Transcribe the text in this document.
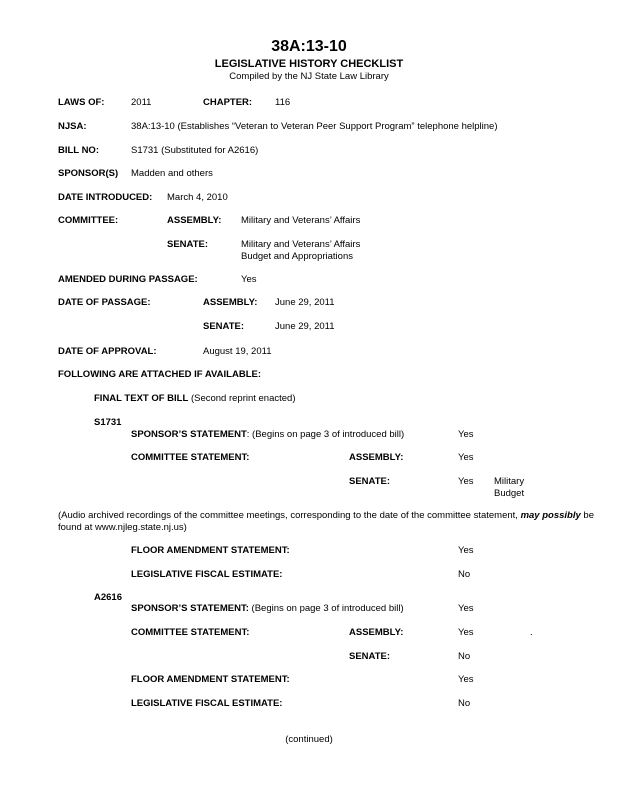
38A:13-10
LEGISLATIVE HISTORY CHECKLIST
Compiled by the NJ State Law Library
LAWS OF:	2011	CHAPTER: 116
NJSA:	38A:13-10 (Establishes “Veteran to Veteran Peer Support Program” telephone helpline)
BILL NO:	S1731 (Substituted for A2616)
SPONSOR(S) Madden and others
DATE INTRODUCED: March 4, 2010
COMMITTEE:	ASSEMBLY: Military and Veterans’ Affairs
SENATE:	Military and Veterans’ Affairs
Budget and Appropriations
AMENDED DURING PASSAGE:	Yes
DATE OF PASSAGE:	ASSEMBLY: June 29, 2011
SENATE:	June 29, 2011
DATE OF APPROVAL:	August 19, 2011
FOLLOWING ARE ATTACHED IF AVAILABLE:
FINAL TEXT OF BILL (Second reprint enacted)
S1731
SPONSOR’S STATEMENT: (Begins on page 3 of introduced bill)	Yes
COMMITTEE STATEMENT:	ASSEMBLY:	Yes
SENATE:	Yes Military
Budget
(Audio archived recordings of the committee meetings, corresponding to the date of the committee statement, may possibly be found at www.njleg.state.nj.us)
FLOOR AMENDMENT STATEMENT:	Yes
LEGISLATIVE FISCAL ESTIMATE:	No
A2616
SPONSOR’S STATEMENT: (Begins on page 3 of introduced bill)	Yes
COMMITTEE STATEMENT:	ASSEMBLY:	Yes	.
SENATE:	No
FLOOR AMENDMENT STATEMENT:	Yes
LEGISLATIVE FISCAL ESTIMATE:	No
(continued)
